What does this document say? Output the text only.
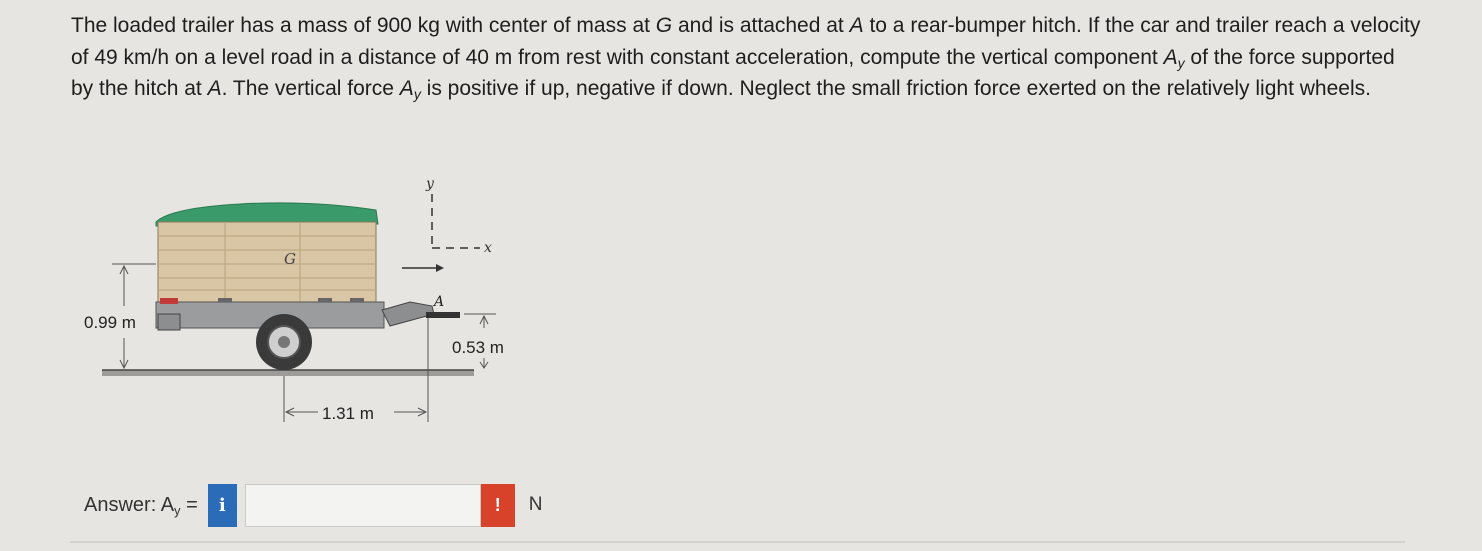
The loaded trailer has a mass of 900 kg with center of mass at G and is attached at A to a rear-bumper hitch. If the car and trailer reach a velocity of 49 km/h on a level road in a distance of 40 m from rest with constant acceleration, compute the vertical component $A_y$ of the force supported by the hitch at A. The vertical force $A_y$ is positive if up, negative if down. Neglect the small friction force exerted on the relatively light wheels.
G
y
x
A
0.99 m
0.53 m
1.31 m
Answer: $A_y = i$	! N
